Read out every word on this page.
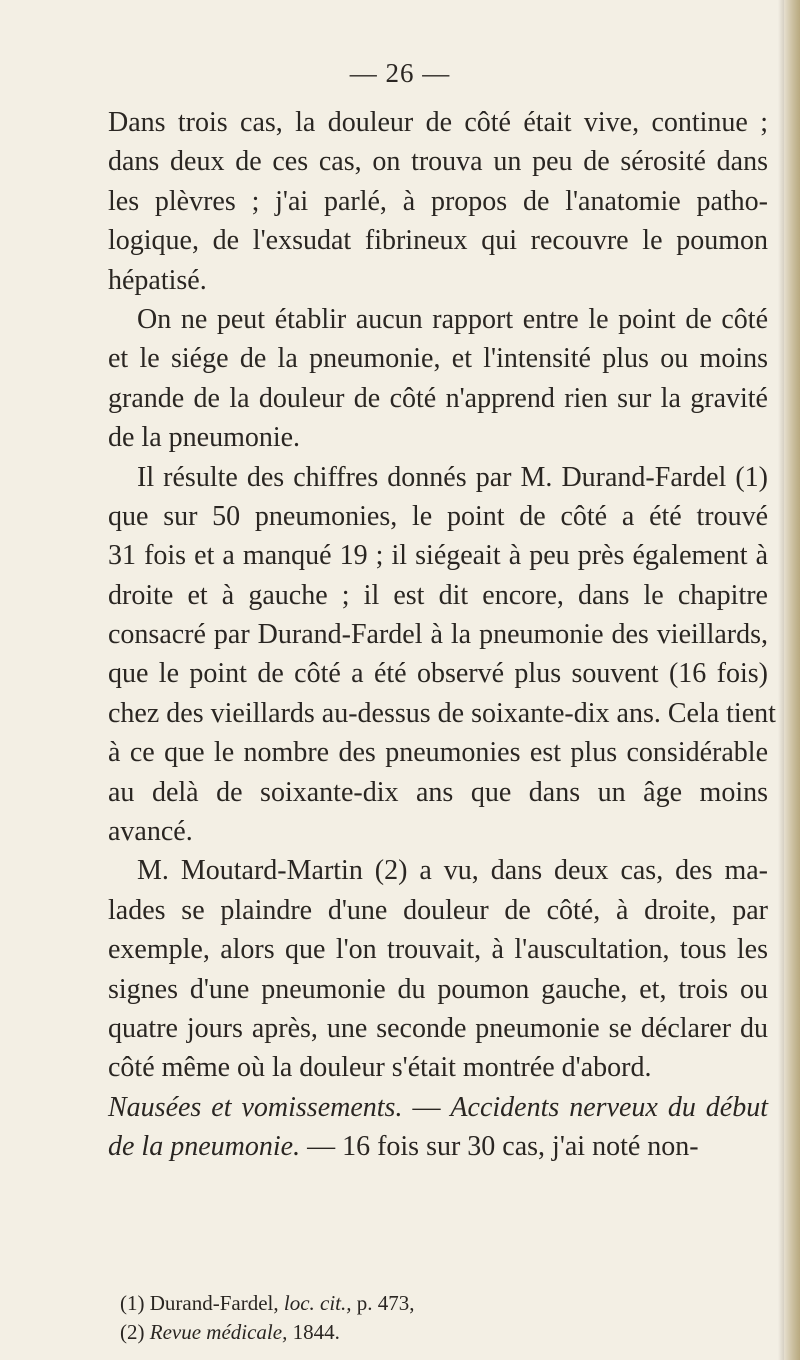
— 26 —
Dans trois cas, la douleur de côté était vive, continue ;
dans deux de ces cas, on trouva un peu de sérosité dans
les plèvres ; j'ai parlé, à propos de l'anatomie patho-
logique, de l'exsudat fibrineux qui recouvre le poumon
hépatisé.
On ne peut établir aucun rapport entre le point de côté
et le siége de la pneumonie, et l'intensité plus ou moins
grande de la douleur de côté n'apprend rien sur la gravité
de la pneumonie.
Il résulte des chiffres donnés par M. Durand-Fardel (1)
que sur 50 pneumonies, le point de côté a été trouvé
31 fois et a manqué 19 ; il siégeait à peu près également à
droite et à gauche ; il est dit encore, dans le chapitre
consacré par Durand-Fardel à la pneumonie des vieillards,
que le point de côté a été observé plus souvent (16 fois)
chez des vieillards au-dessus de soixante-dix ans. Cela tient
à ce que le nombre des pneumonies est plus considérable
au delà de soixante-dix ans que dans un âge moins
avancé.
M. Moutard-Martin (2) a vu, dans deux cas, des ma-
lades se plaindre d'une douleur de côté, à droite, par
exemple, alors que l'on trouvait, à l'auscultation, tous les
signes d'une pneumonie du poumon gauche, et, trois ou
quatre jours après, une seconde pneumonie se déclarer du
côté même où la douleur s'était montrée d'abord.
Nausées et vomissements. — Accidents nerveux du début
de la pneumonie. — 16 fois sur 30 cas, j'ai noté non-
(1) Durand-Fardel, loc. cit., p. 473,
(2) Revue médicale, 1844.
